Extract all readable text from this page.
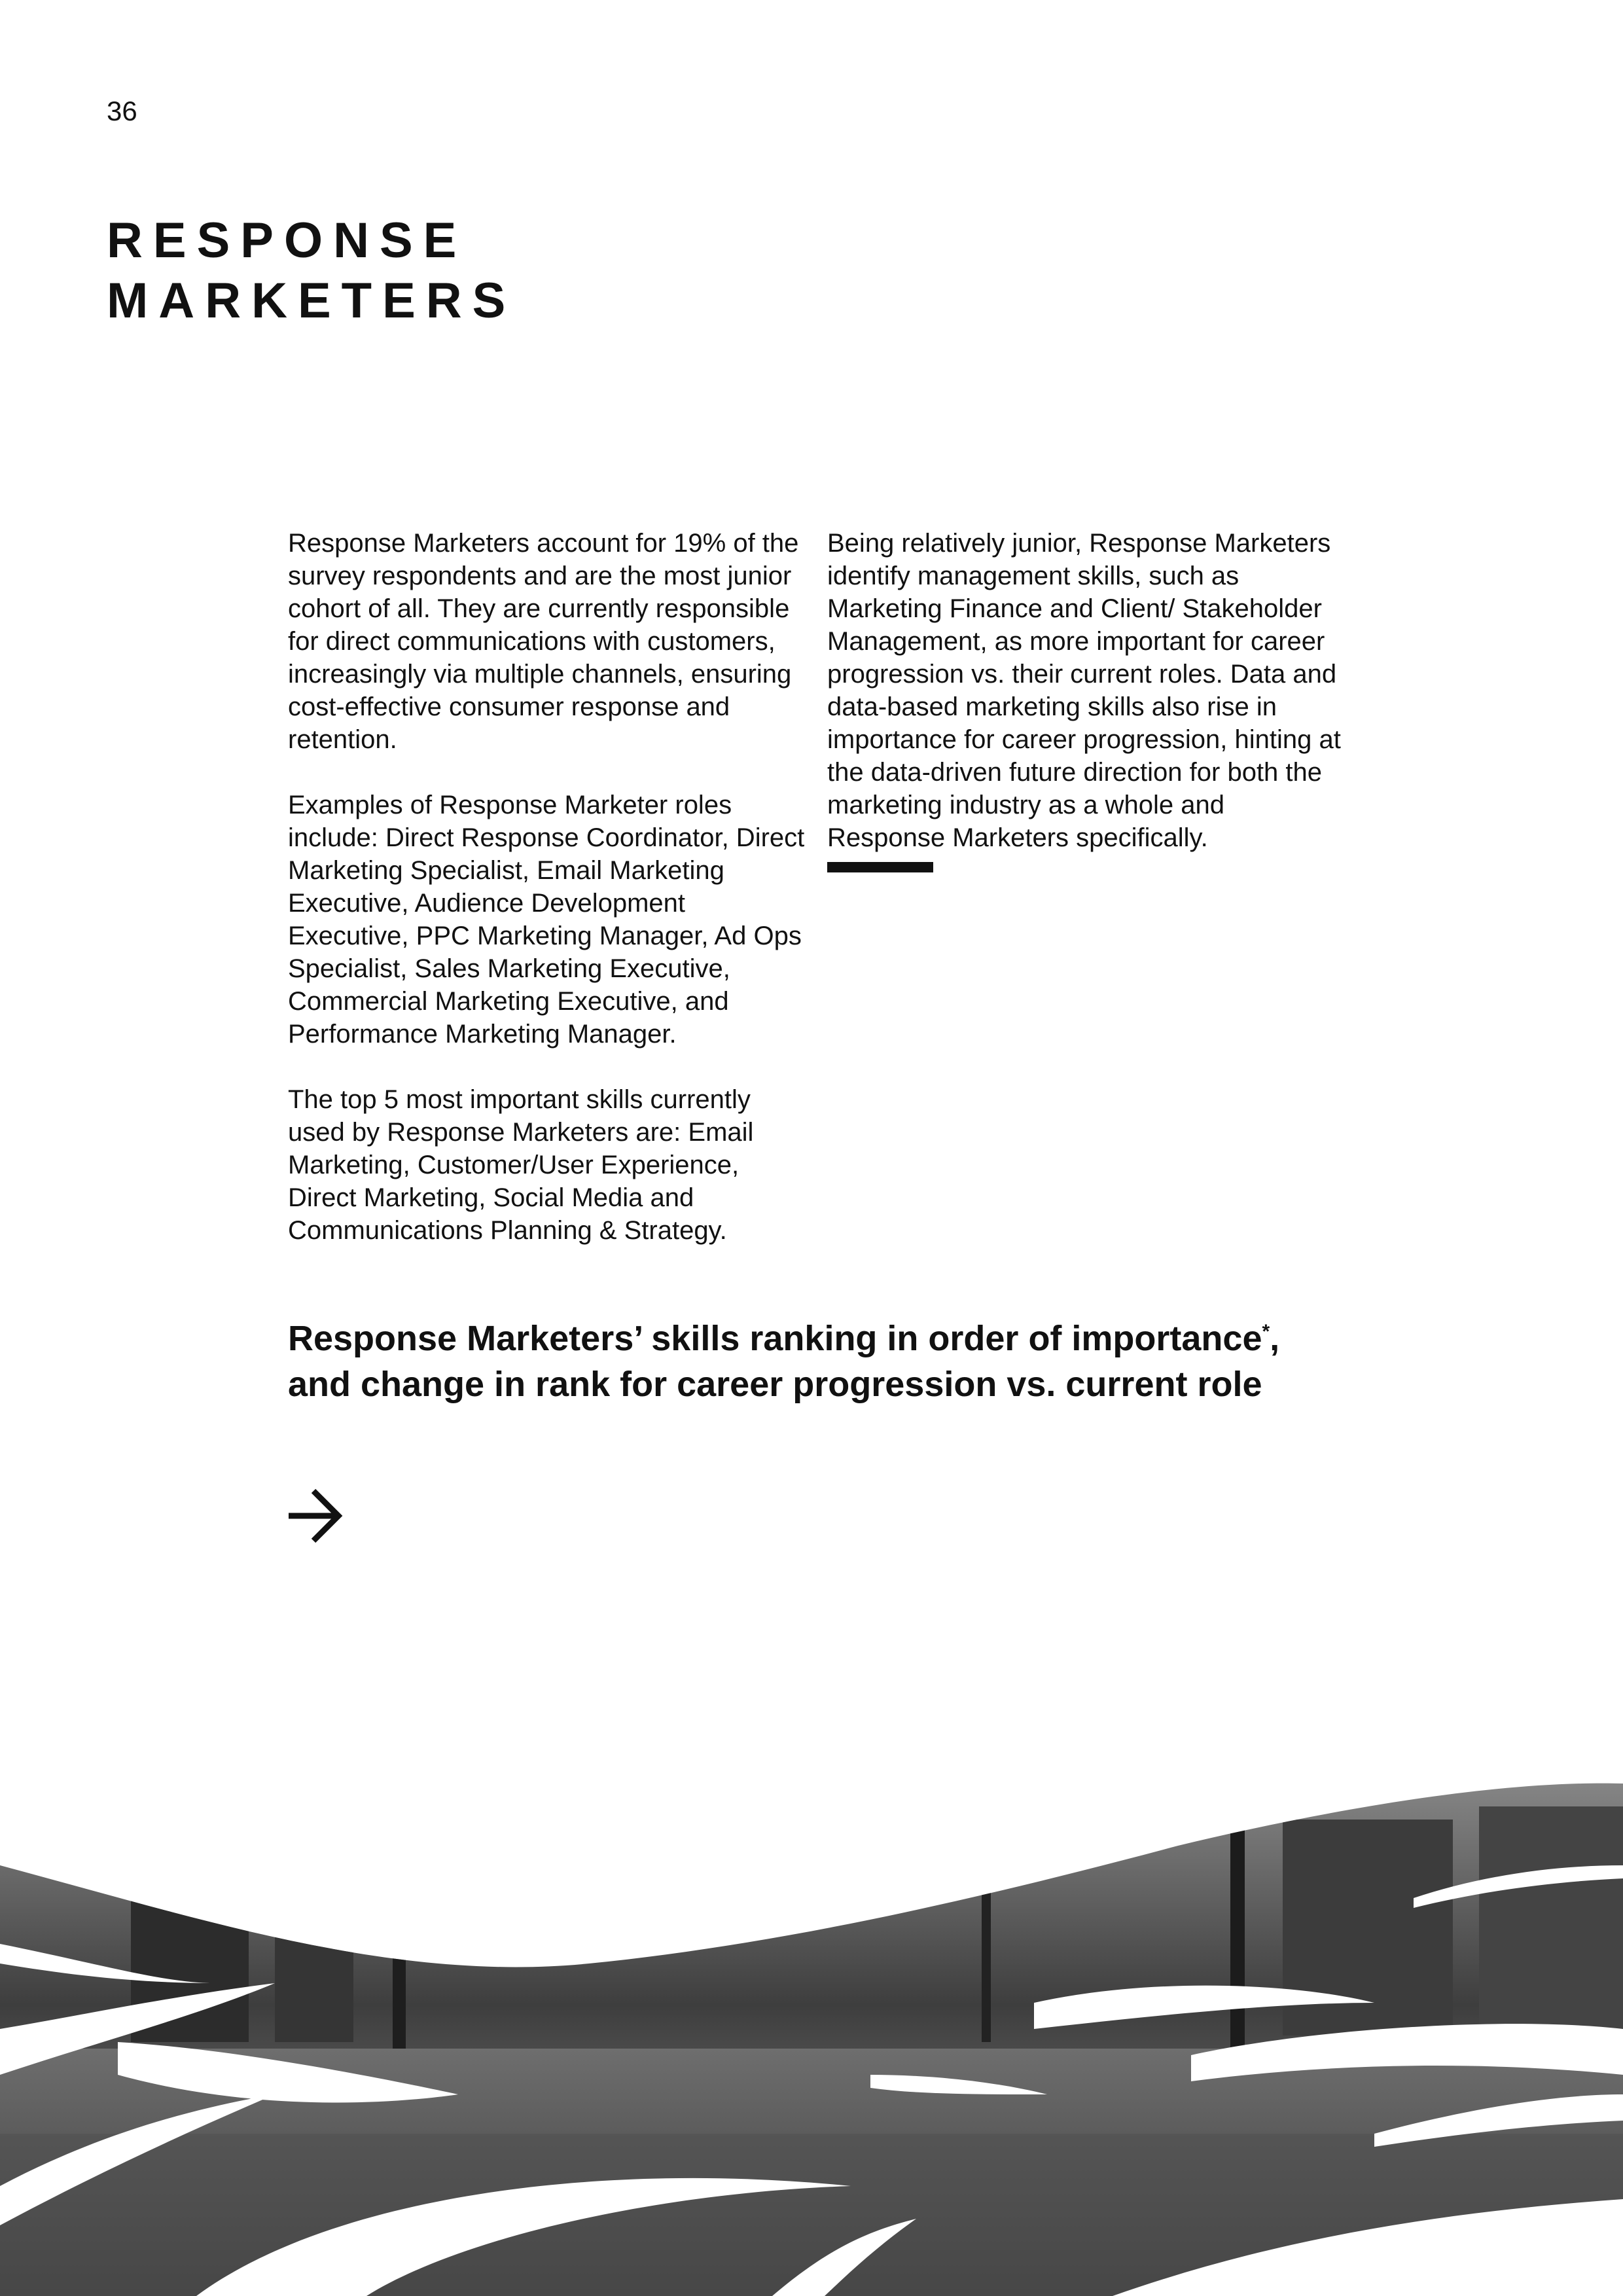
36
RESPONSE
MARKETERS

Response Marketers account for 19% of the survey respondents and are the most junior cohort of all. They are currently responsible for direct communications with customers, increasingly via multiple channels, ensuring cost-effective consumer response and retention.

Examples of Response Marketer roles include: Direct Response Coordinator, Direct Marketing Specialist, Email Marketing Executive, Audience Development Executive, PPC Marketing Manager, Ad Ops Specialist, Sales Marketing Executive, Commercial Marketing Executive, and Performance Marketing Manager.

The top 5 most important skills currently used by Response Marketers are: Email Marketing, Customer/User Experience, Direct Marketing, Social Media and Communications Planning & Strategy.

Being relatively junior, Response Marketers identify management skills, such as Marketing Finance and Client/ Stakeholder Management, as more important for career progression vs. their current roles. Data and data-based marketing skills also rise in importance for career progression, hinting at the data-driven future direction for both the marketing industry as a whole and Response Marketers specifically.

Response Marketers’ skills ranking in order of importance*, and change in rank for career progression vs. current role
